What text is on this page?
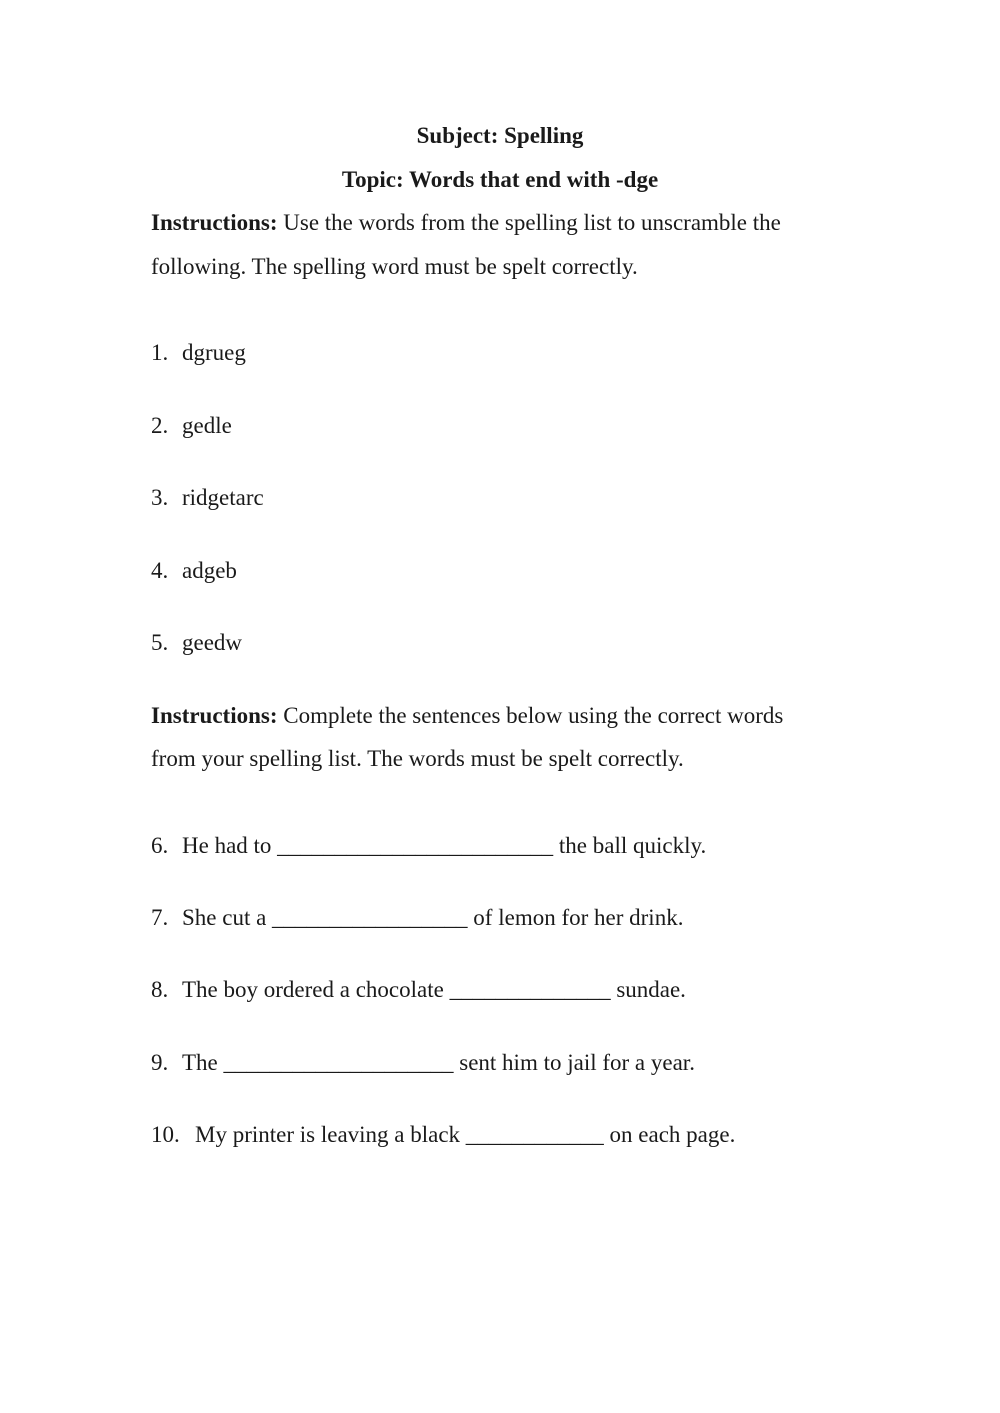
Subject: Spelling
Topic: Words that end with -dge
Instructions: Use the words from the spelling list to unscramble the
following. The spelling word must be spelt correctly.
1. dgrueg
2. gedle
3. ridgetarc
4. adgeb
5. geedw
Instructions: Complete the sentences below using the correct words
from your spelling list. The words must be spelt correctly.
6. He had to ________________________ the ball quickly.
7. She cut a _________________ of lemon for her drink.
8. The boy ordered a chocolate ______________ sundae.
9. The ____________________ sent him to jail for a year.
10. My printer is leaving a black ____________ on each page.
